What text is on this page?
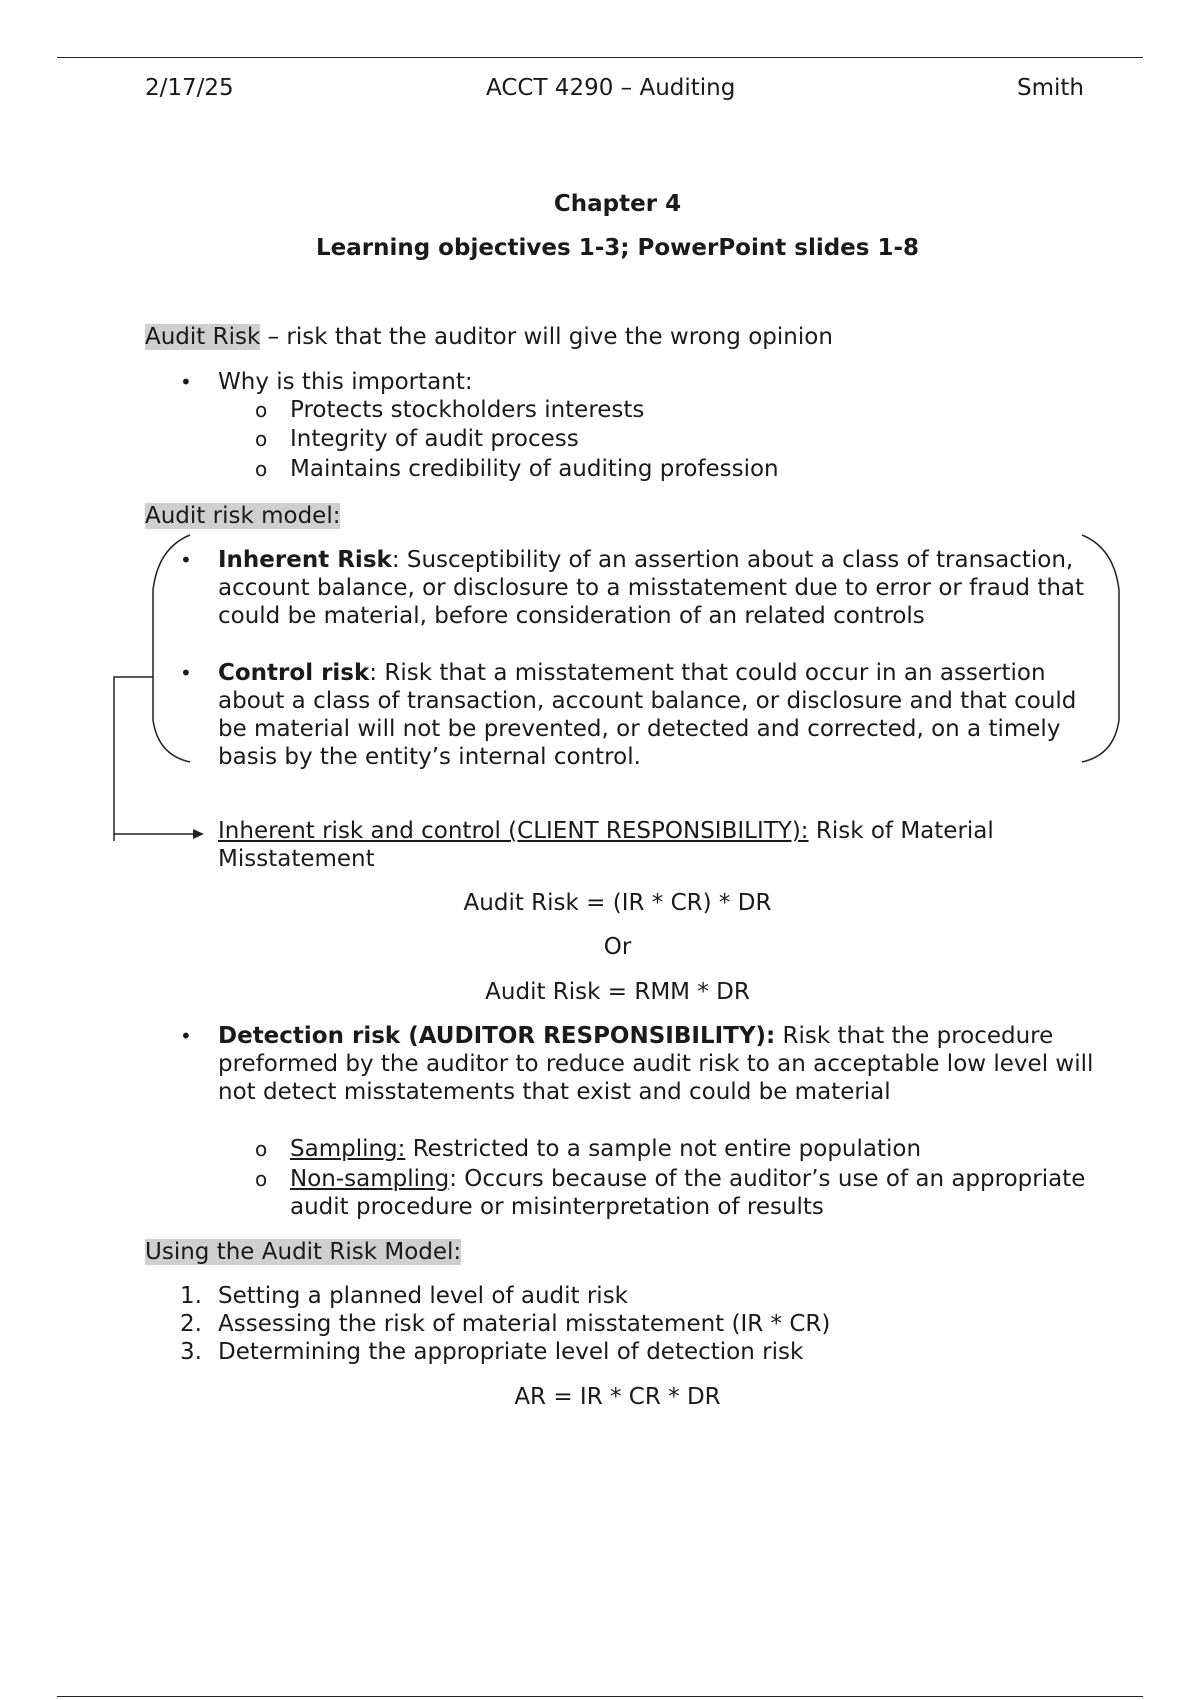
2/17/25	ACCT 4290 – Auditing	Smith
Chapter 4
Learning objectives 1-3; PowerPoint slides 1-8
Audit Risk – risk that the auditor will give the wrong opinion
• Why is this important:
o Protects stockholders interests
o Integrity of audit process
o Maintains credibility of auditing profession
Audit risk model:
• Inherent Risk: Susceptibility of an assertion about a class of transaction, account balance, or disclosure to a misstatement due to error or fraud that could be material, before consideration of an related controls
• Control risk: Risk that a misstatement that could occur in an assertion about a class of transaction, account balance, or disclosure and that could be material will not be prevented, or detected and corrected, on a timely basis by the entity’s internal control.
Inherent risk and control (CLIENT RESPONSIBILITY): Risk of Material Misstatement
Audit Risk = (IR * CR) * DR
Or
Audit Risk = RMM * DR
• Detection risk (AUDITOR RESPONSIBILITY): Risk that the procedure preformed by the auditor to reduce audit risk to an acceptable low level will not detect misstatements that exist and could be material
o Sampling: Restricted to a sample not entire population
o Non-sampling: Occurs because of the auditor’s use of an appropriate audit procedure or misinterpretation of results
Using the Audit Risk Model:
1. Setting a planned level of audit risk
2. Assessing the risk of material misstatement (IR * CR)
3. Determining the appropriate level of detection risk
AR = IR * CR * DR
